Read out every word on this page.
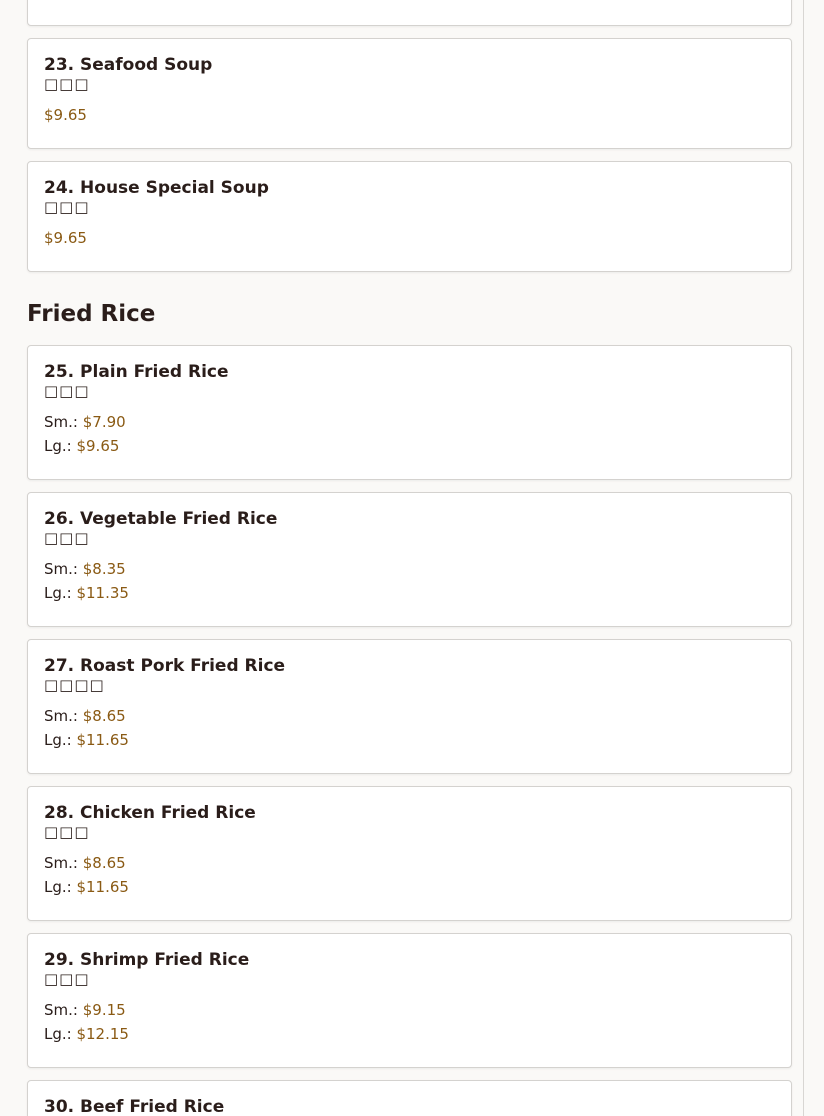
23. Seafood Soup
□□□
$9.65
24. House Special Soup
□□□
$9.65
Fried Rice
25. Plain Fried Rice
□□□
Sm.: $7.90
Lg.: $9.65
26. Vegetable Fried Rice
□□□
Sm.: $8.35
Lg.: $11.35
27. Roast Pork Fried Rice
□□□□
Sm.: $8.65
Lg.: $11.65
28. Chicken Fried Rice
□□□
Sm.: $8.65
Lg.: $11.65
29. Shrimp Fried Rice
□□□
Sm.: $9.15
Lg.: $12.15
30. Beef Fried Rice
